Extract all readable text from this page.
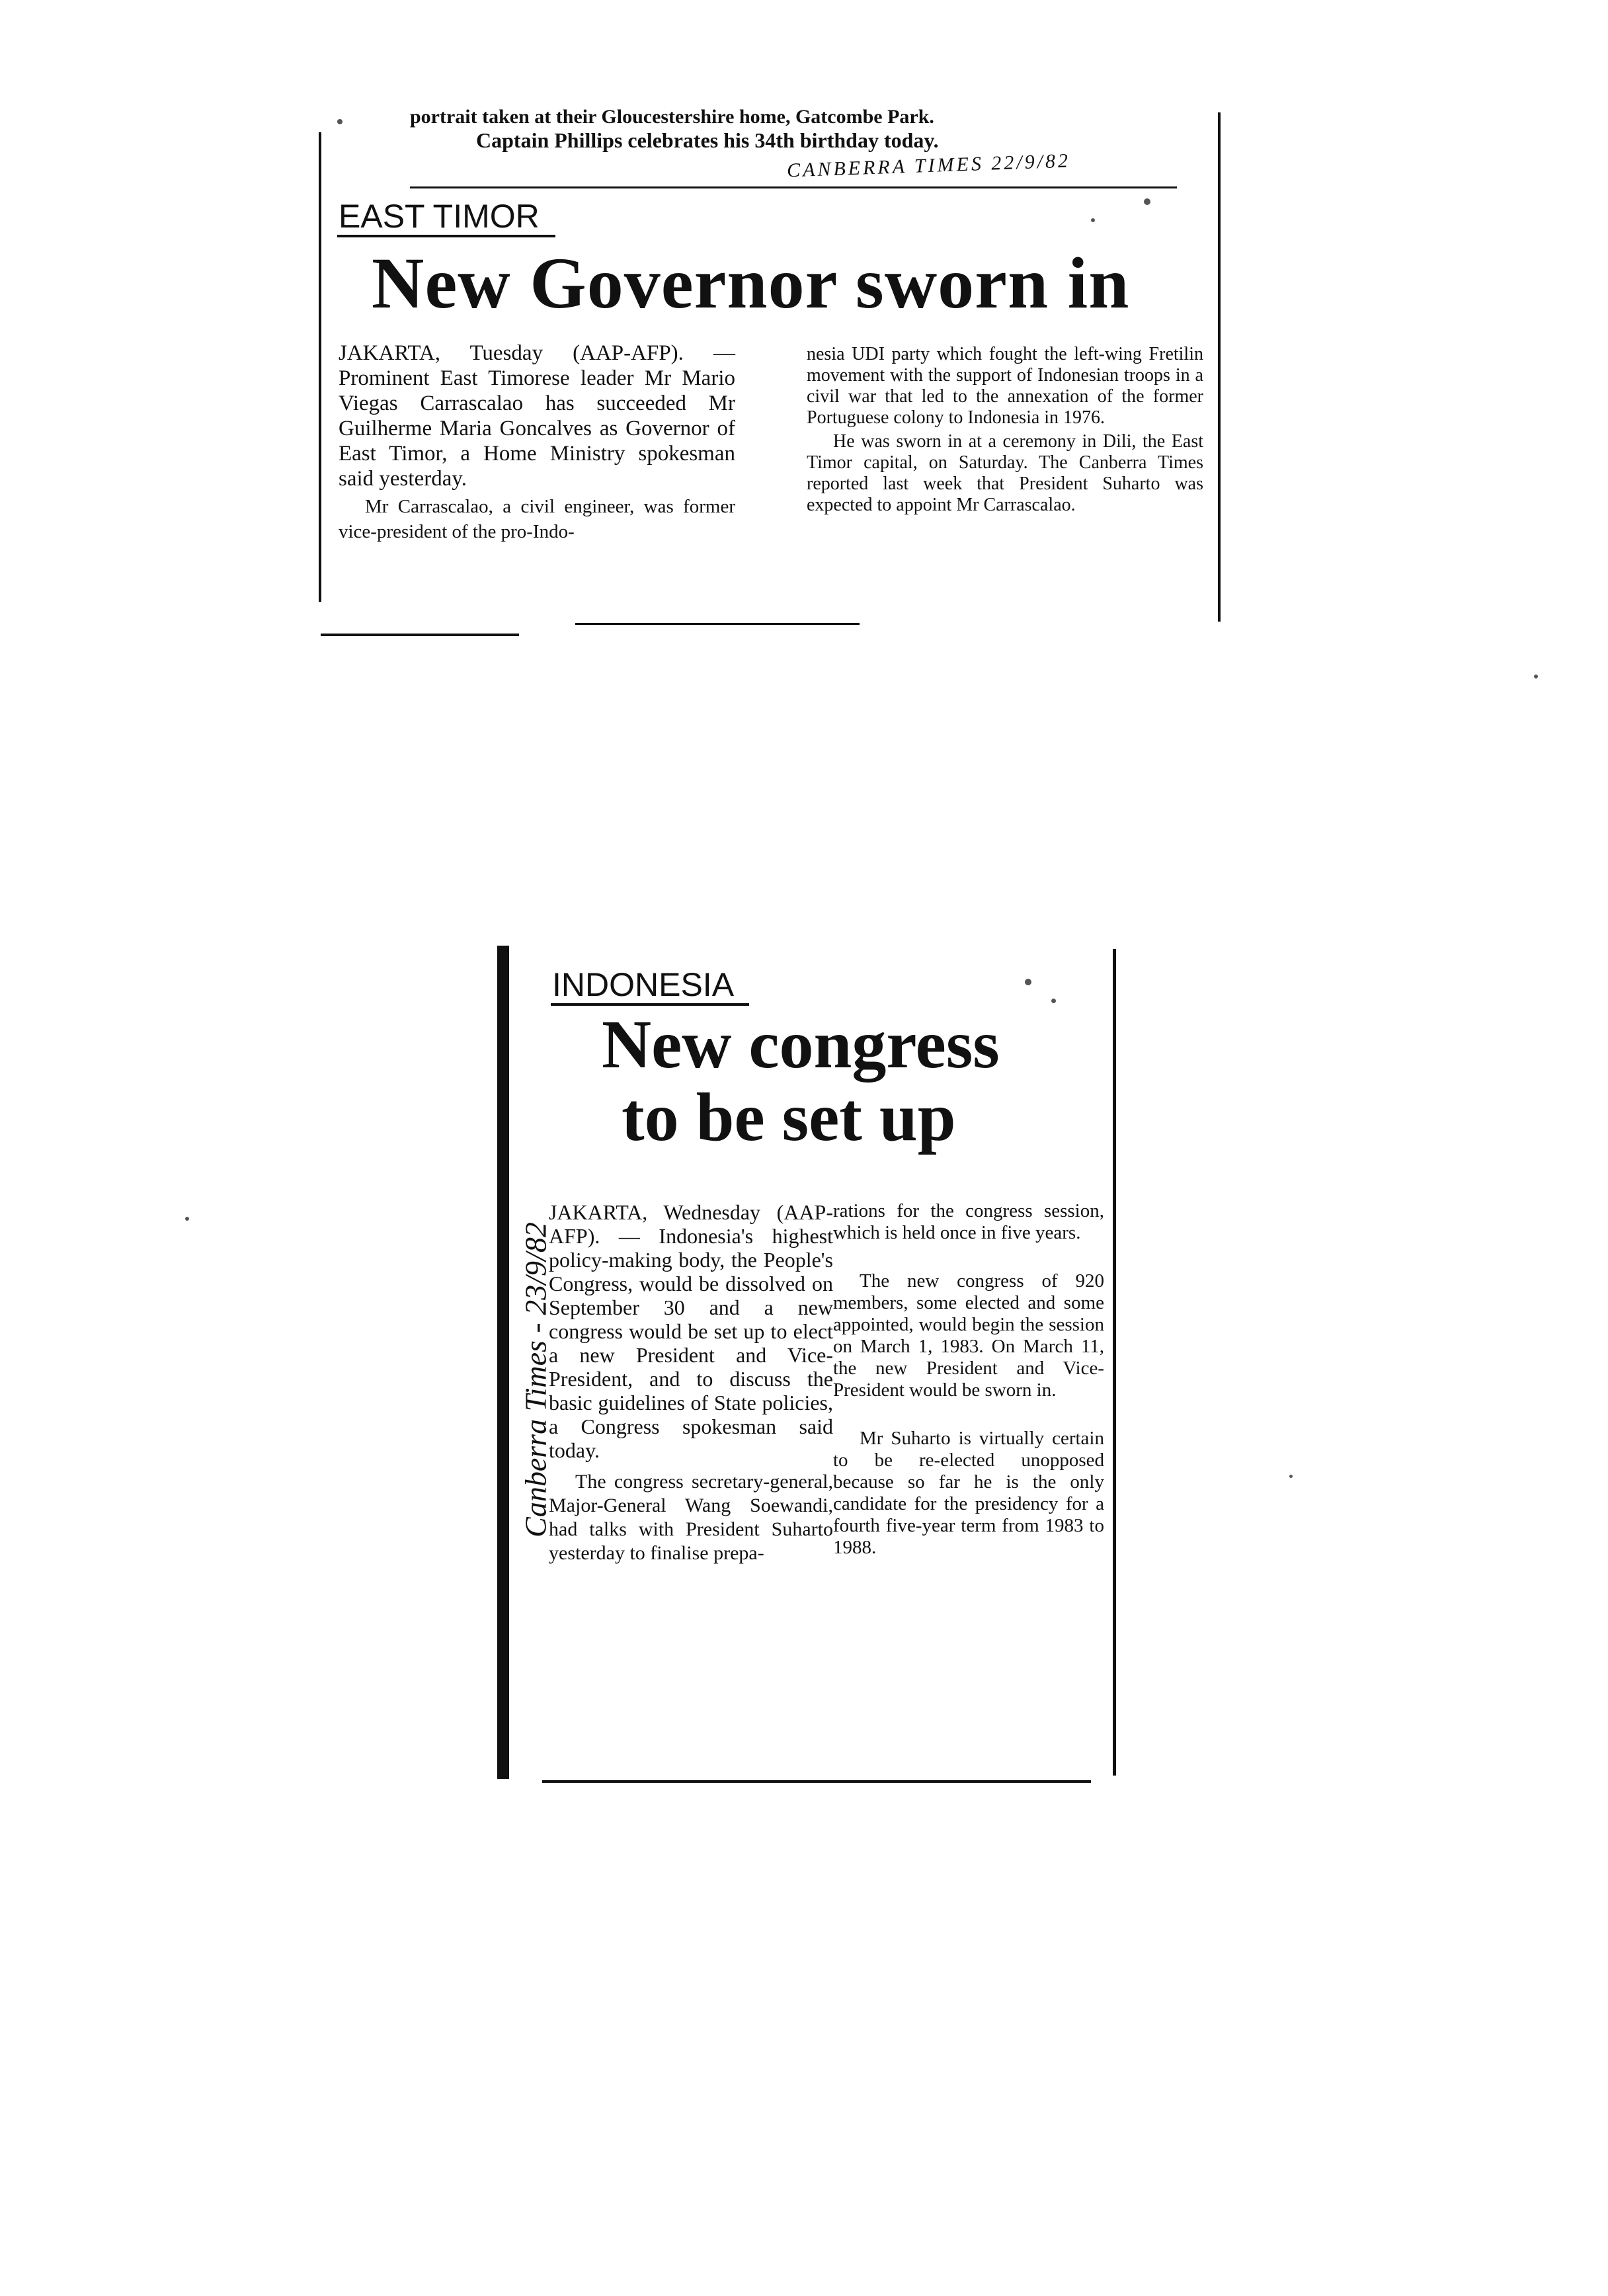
portrait taken at their Gloucestershire home, Gatcombe Park.
Captain Phillips celebrates his 34th birthday today.
CANBERRA TIMES 22/9/82
EAST TIMOR
New Governor sworn in

JAKARTA, Tuesday (AAP-AFP). — Prominent East Timorese leader Mr Mario Viegas Carrascalao has succeeded Mr Guilherme Maria Goncalves as Governor of East Timor, a Home Ministry spokesman said yesterday.

Mr Carrascalao, a civil engineer, was former vice-president of the pro-Indo-

nesia UDI party which fought the left-wing Fretilin movement with the support of Indonesian troops in a civil war that led to the annexation of the former Portuguese colony to Indonesia in 1976.

He was sworn in at a ceremony in Dili, the East Timor capital, on Saturday. The Canberra Times reported last week that President Suharto was expected to appoint Mr Carrascalao.

Canberra Times - 23/9/82
INDONESIA
New congress
to be set up

JAKARTA, Wednesday (AAP-AFP). — Indonesia's highest policy-making body, the People's Congress, would be dissolved on September 30 and a new congress would be set up to elect a new President and Vice-President, and to discuss the basic guidelines of State policies, a Congress spokesman said today.

The congress secretary-general, Major-General Wang Soewandi, had talks with President Suharto yesterday to finalise prepa-

rations for the congress session, which is held once in five years.

The new congress of 920 members, some elected and some appointed, would begin the session on March 1, 1983. On March 11, the new President and Vice-President would be sworn in.

Mr Suharto is virtually certain to be re-elected unopposed because so far he is the only candidate for the presidency for a fourth five-year term from 1983 to 1988.
